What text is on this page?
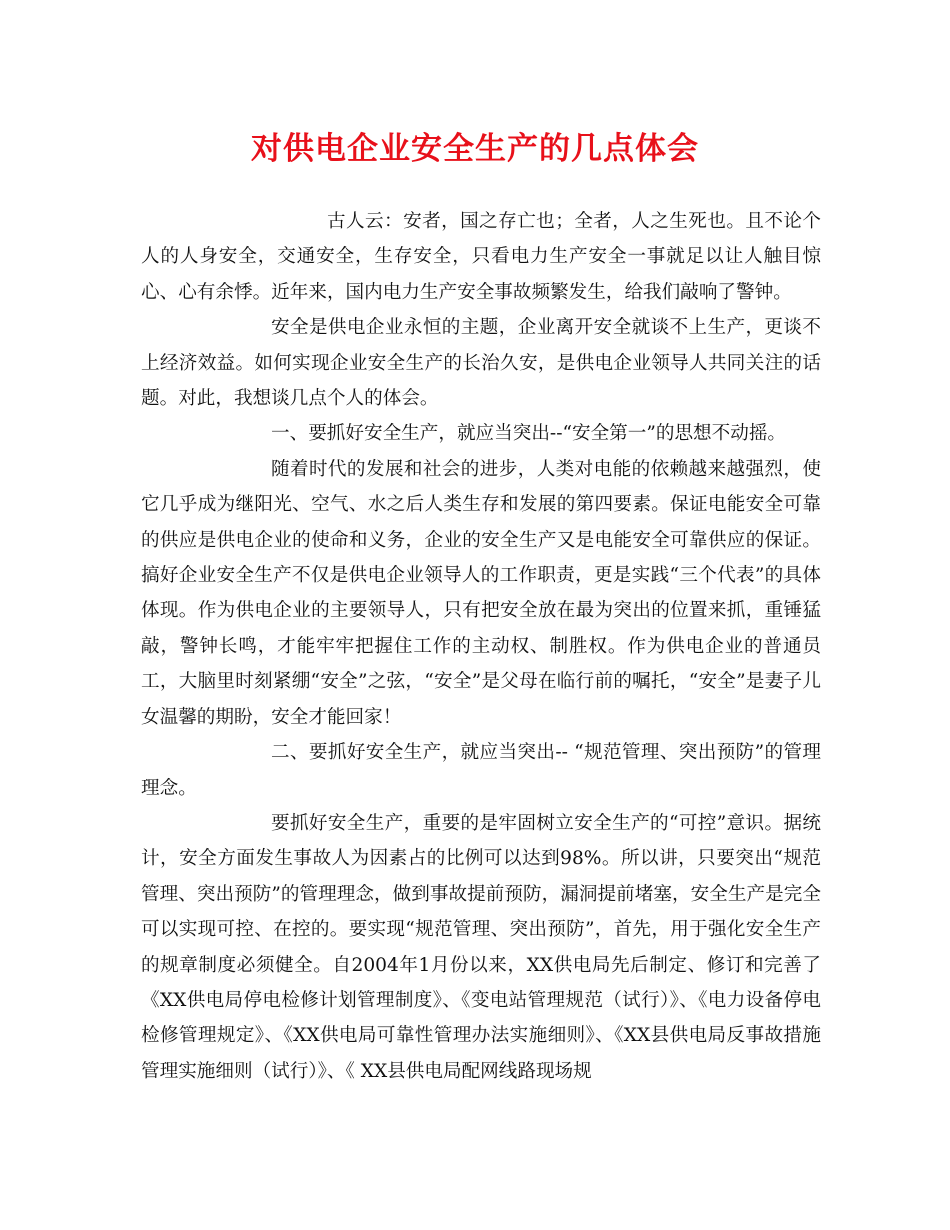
对供电企业安全生产的几点体会

古人云：安者，国之存亡也；全者，人之生死也。且不论个人的人身安全，交通安全，生存安全，只看电力生产安全一事就足以让人触目惊心、心有余悸。近年来，国内电力生产安全事故频繁发生，给我们敲响了警钟。

安全是供电企业永恒的主题，企业离开安全就谈不上生产，更谈不上经济效益。如何实现企业安全生产的长治久安，是供电企业领导人共同关注的话题。对此，我想谈几点个人的体会。

一、要抓好安全生产，就应当突出--“安全第一”的思想不动摇。

随着时代的发展和社会的进步，人类对电能的依赖越来越强烈，使它几乎成为继阳光、空气、水之后人类生存和发展的第四要素。保证电能安全可靠的供应是供电企业的使命和义务，企业的安全生产又是电能安全可靠供应的保证。搞好企业安全生产不仅是供电企业领导人的工作职责，更是实践“三个代表”的具体体现。作为供电企业的主要领导人，只有把安全放在最为突出的位置来抓，重锤猛敲，警钟长鸣，才能牢牢把握住工作的主动权、制胜权。作为供电企业的普通员工，大脑里时刻紧绷“安全”之弦，“安全”是父母在临行前的嘱托，“安全”是妻子儿女温馨的期盼，安全才能回家！

二、要抓好安全生产，就应当突出-- “规范管理、突出预防”的管理理念。

要抓好安全生产，重要的是牢固树立安全生产的“可控”意识。据统计，安全方面发生事故人为因素占的比例可以达到98%。所以讲，只要突出“规范管理、突出预防”的管理理念，做到事故提前预防，漏洞提前堵塞，安全生产是完全可以实现可控、在控的。要实现“规范管理、突出预防”，首先，用于强化安全生产的规章制度必须健全。自2004年1月份以来，XX供电局先后制定、修订和完善了《XX供电局停电检修计划管理制度》、《变电站管理规范（试行）》、《电力设备停电检修管理规定》、《XX供电局可靠性管理办法实施细则》、《XX县供电局反事故措施管理实施细则（试行）》、《 XX县供电局配网线路现场规
